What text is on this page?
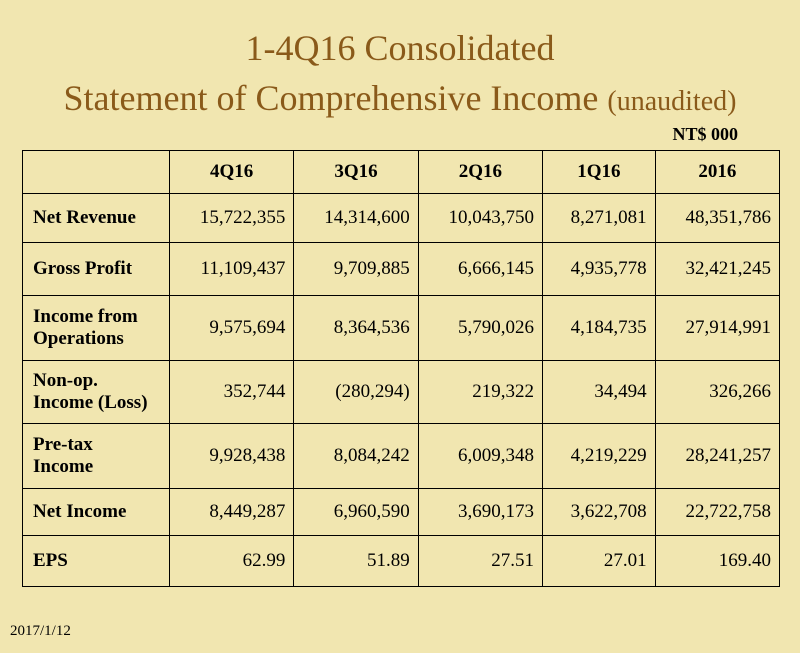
1-4Q16 Consolidated
Statement of Comprehensive Income (unaudited)
NT$ 000
	4Q16	3Q16	2Q16	1Q16	2016
Net Revenue	15,722,355	14,314,600	10,043,750	8,271,081	48,351,786
Gross Profit	11,109,437	9,709,885	6,666,145	4,935,778	32,421,245
Income from
Operations	9,575,694	8,364,536	5,790,026	4,184,735	27,914,991
Non-op.
Income (Loss)	352,744	(280,294)	219,322	34,494	326,266
Pre-tax
Income	9,928,438	8,084,242	6,009,348	4,219,229	28,241,257
Net Income	8,449,287	6,960,590	3,690,173	3,622,708	22,722,758
EPS	62.99	51.89	27.51	27.01	169.40
2017/1/12
